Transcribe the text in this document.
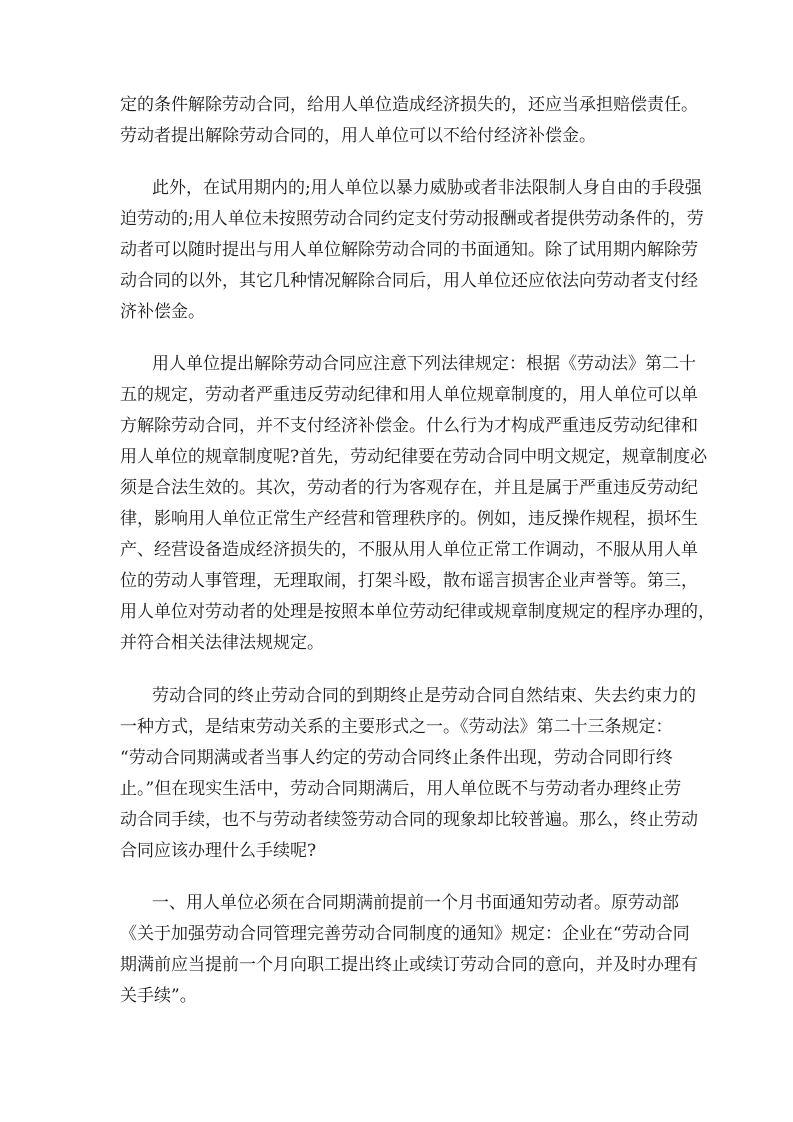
定的条件解除劳动合同，给用人单位造成经济损失的，还应当承担赔偿责任。

劳动者提出解除劳动合同的，用人单位可以不给付经济补偿金。

此外，在试用期内的;用人单位以暴力威胁或者非法限制人身自由的手段强

迫劳动的;用人单位未按照劳动合同约定支付劳动报酬或者提供劳动条件的，劳

动者可以随时提出与用人单位解除劳动合同的书面通知。除了试用期内解除劳

动合同的以外，其它几种情况解除合同后，用人单位还应依法向劳动者支付经

济补偿金。

用人单位提出解除劳动合同应注意下列法律规定：根据《劳动法》第二十

五的规定，劳动者严重违反劳动纪律和用人单位规章制度的，用人单位可以单

方解除劳动合同，并不支付经济补偿金。什么行为才构成严重违反劳动纪律和

用人单位的规章制度呢?首先，劳动纪律要在劳动合同中明文规定，规章制度必

须是合法生效的。其次，劳动者的行为客观存在，并且是属于严重违反劳动纪

律，影响用人单位正常生产经营和管理秩序的。例如，违反操作规程，损坏生

产、经营设备造成经济损失的，不服从用人单位正常工作调动，不服从用人单

位的劳动人事管理，无理取闹，打架斗殴，散布谣言损害企业声誉等。第三，

用人单位对劳动者的处理是按照本单位劳动纪律或规章制度规定的程序办理的，

并符合相关法律法规规定。

劳动合同的终止劳动合同的到期终止是劳动合同自然结束、失去约束力的

一种方式，是结束劳动关系的主要形式之一。《劳动法》第二十三条规定：

“劳动合同期满或者当事人约定的劳动合同终止条件出现，劳动合同即行终

止。”但在现实生活中，劳动合同期满后，用人单位既不与劳动者办理终止劳

动合同手续，也不与劳动者续签劳动合同的现象却比较普遍。那么，终止劳动

合同应该办理什么手续呢?

一、用人单位必须在合同期满前提前一个月书面通知劳动者。原劳动部

《关于加强劳动合同管理完善劳动合同制度的通知》规定：企业在“劳动合同

期满前应当提前一个月向职工提出终止或续订劳动合同的意向，并及时办理有

关手续”。
